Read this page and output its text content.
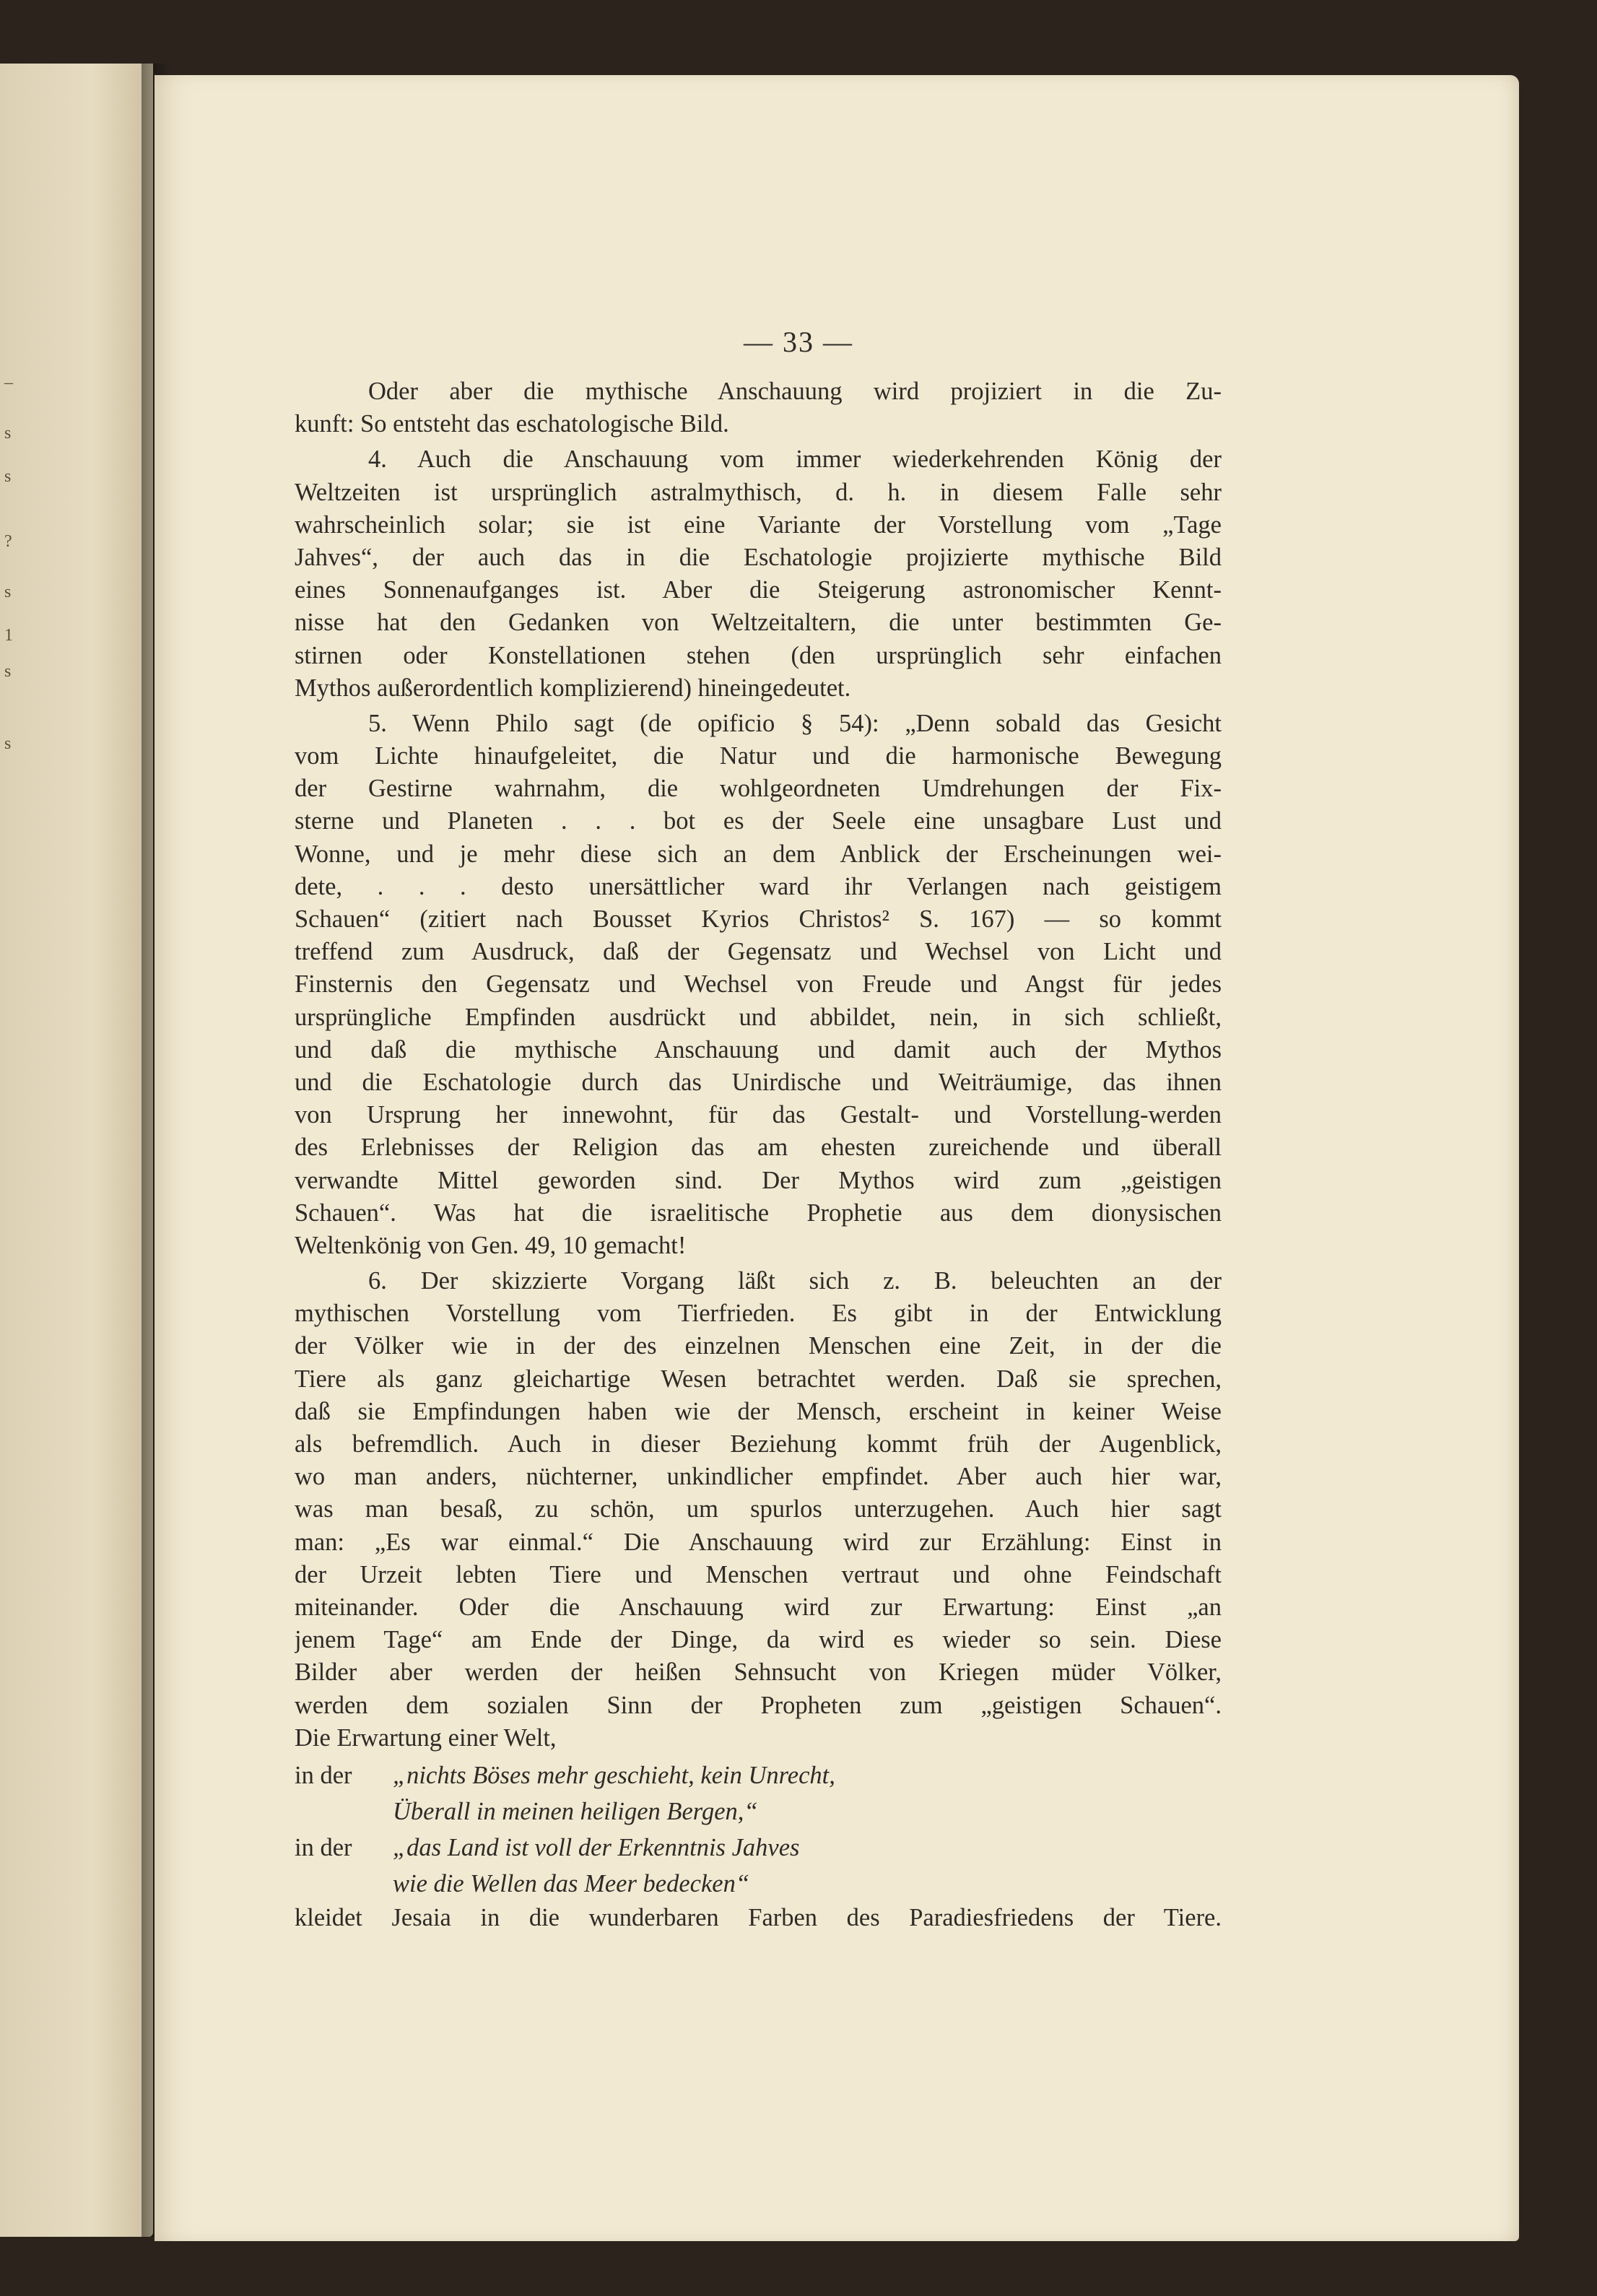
–
s
s
?
s
1
s
s
— 33 —
Oder aber die mythische Anschauung wird projiziert in die Zu-
kunft: So entsteht das eschatologische Bild.
4. Auch die Anschauung vom immer wiederkehrenden König der
Weltzeiten ist ursprünglich astralmythisch, d. h. in diesem Falle sehr
wahrscheinlich solar; sie ist eine Variante der Vorstellung vom „Tage
Jahves“, der auch das in die Eschatologie projizierte mythische Bild
eines Sonnenaufganges ist. Aber die Steigerung astronomischer Kennt-
nisse hat den Gedanken von Weltzeitaltern, die unter bestimmten Ge-
stirnen oder Konstellationen stehen (den ursprünglich sehr einfachen
Mythos außerordentlich komplizierend) hineingedeutet.
5. Wenn Philo sagt (de opificio § 54): „Denn sobald das Gesicht
vom Lichte hinaufgeleitet, die Natur und die harmonische Bewegung
der Gestirne wahrnahm, die wohlgeordneten Umdrehungen der Fix-
sterne und Planeten . . . bot es der Seele eine unsagbare Lust und
Wonne, und je mehr diese sich an dem Anblick der Erscheinungen wei-
dete, . . . desto unersättlicher ward ihr Verlangen nach geistigem
Schauen“ (zitiert nach Bousset Kyrios Christos² S. 167) — so kommt
treffend zum Ausdruck, daß der Gegensatz und Wechsel von Licht und
Finsternis den Gegensatz und Wechsel von Freude und Angst für jedes
ursprüngliche Empfinden ausdrückt und abbildet, nein, in sich schließt,
und daß die mythische Anschauung und damit auch der Mythos
und die Eschatologie durch das Unirdische und Weiträumige, das ihnen
von Ursprung her innewohnt, für das Gestalt- und Vorstellung-werden
des Erlebnisses der Religion das am ehesten zureichende und überall
verwandte Mittel geworden sind. Der Mythos wird zum „geistigen
Schauen“. Was hat die israelitische Prophetie aus dem dionysischen
Weltenkönig von Gen. 49, 10 gemacht!
6. Der skizzierte Vorgang läßt sich z. B. beleuchten an der
mythischen Vorstellung vom Tierfrieden. Es gibt in der Entwicklung
der Völker wie in der des einzelnen Menschen eine Zeit, in der die
Tiere als ganz gleichartige Wesen betrachtet werden. Daß sie sprechen,
daß sie Empfindungen haben wie der Mensch, erscheint in keiner Weise
als befremdlich. Auch in dieser Beziehung kommt früh der Augenblick,
wo man anders, nüchterner, unkindlicher empfindet. Aber auch hier war,
was man besaß, zu schön, um spurlos unterzugehen. Auch hier sagt
man: „Es war einmal.“ Die Anschauung wird zur Erzählung: Einst in
der Urzeit lebten Tiere und Menschen vertraut und ohne Feindschaft
miteinander. Oder die Anschauung wird zur Erwartung: Einst „an
jenem Tage“ am Ende der Dinge, da wird es wieder so sein. Diese
Bilder aber werden der heißen Sehnsucht von Kriegen müder Völker,
werden dem sozialen Sinn der Propheten zum „geistigen Schauen“.
Die Erwartung einer Welt,
in der „nichts Böses mehr geschieht, kein Unrecht,
Überall in meinen heiligen Bergen,“
in der „das Land ist voll der Erkenntnis Jahves
wie die Wellen das Meer bedecken“
kleidet Jesaia in die wunderbaren Farben des Paradiesfriedens der Tiere.
